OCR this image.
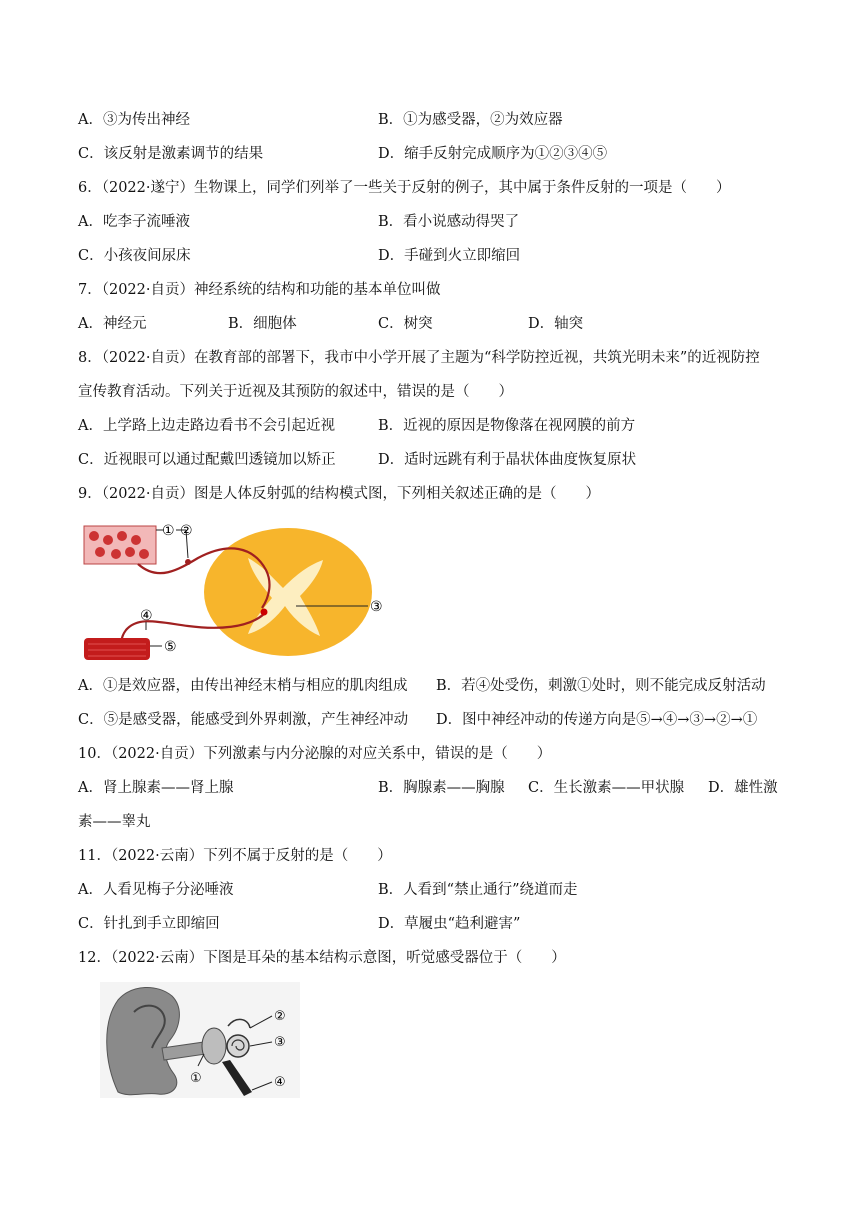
A．③为传出神经	B．①为感受器，②为效应器
C．该反射是激素调节的结果	D．缩手反射完成顺序为①②③④⑤
6．（2022·遂宁）生物课上，同学们列举了一些关于反射的例子，其中属于条件反射的一项是（　　）
A．吃李子流唾液	B．看小说感动得哭了
C．小孩夜间尿床	D．手碰到火立即缩回
7．（2022·自贡）神经系统的结构和功能的基本单位叫做
A．神经元	B．细胞体	C．树突	D．轴突
8．（2022·自贡）在教育部的部署下，我市中小学开展了主题为“科学防控近视，共筑光明未来”的近视防控
宣传教育活动。下列关于近视及其预防的叙述中，错误的是（　　）
A．上学路上边走路边看书不会引起近视	B．近视的原因是物像落在视网膜的前方
C．近视眼可以通过配戴凹透镜加以矫正	D．适时远跳有利于晶状体曲度恢复原状
9．（2022·自贡）图是人体反射弧的结构模式图，下列相关叙述正确的是（　　）
① ②
③
④
⑤
A．①是效应器，由传出神经末梢与相应的肌肉组成 B．若④处受伤，刺激①处时，则不能完成反射活动
C．⑤是感受器，能感受到外界刺激，产生神经冲动 D．图中神经冲动的传递方向是⑤→④→③→②→①
10．（2022·自贡）下列激素与内分泌腺的对应关系中，错误的是（　　）
A．肾上腺素——肾上腺	B．胸腺素——胸腺 C．生长激素——甲状腺 D．雄性激
素——睾丸
11．（2022·云南）下列不属于反射的是（　　）
A．人看见梅子分泌唾液	B．人看到“禁止通行”绕道而走
C．针扎到手立即缩回	D．草履虫“趋利避害”
12．（2022·云南）下图是耳朵的基本结构示意图，听觉感受器位于（　　）
①
②
③
④
